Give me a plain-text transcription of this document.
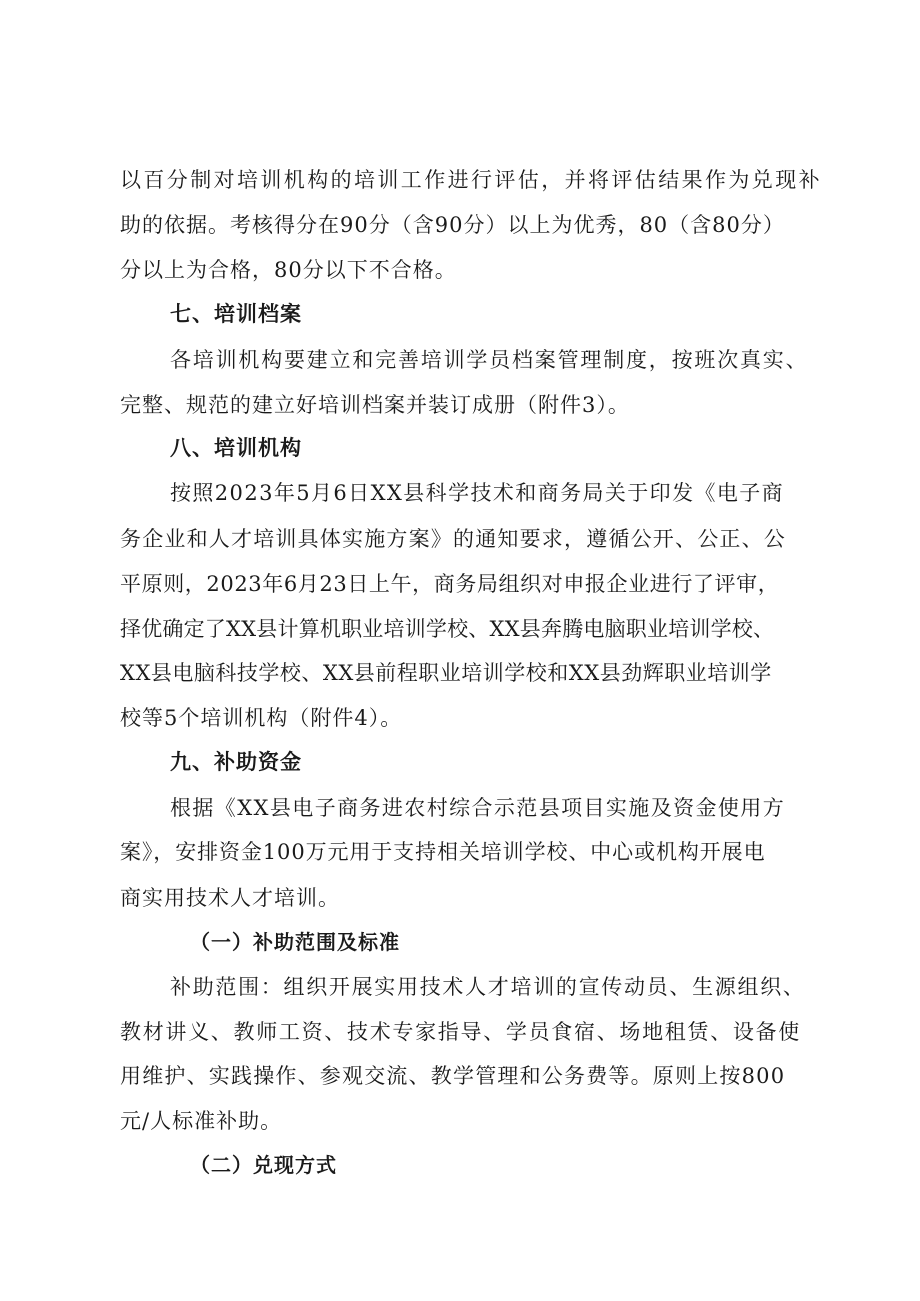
以百分制对培训机构的培训工作进行评估，并将评估结果作为兑现补
助的依据。考核得分在90分（含90分）以上为优秀，80（含80分）
分以上为合格，80分以下不合格。
七、培训档案
各培训机构要建立和完善培训学员档案管理制度，按班次真实、
完整、规范的建立好培训档案并装订成册（附件3）。
八、培训机构
按照2023年5月6日XX县科学技术和商务局关于印发《电子商
务企业和人才培训具体实施方案》的通知要求，遵循公开、公正、公
平原则，2023年6月23日上午，商务局组织对申报企业进行了评审，
择优确定了XX县计算机职业培训学校、XX县奔腾电脑职业培训学校、
XX县电脑科技学校、XX县前程职业培训学校和XX县劲辉职业培训学
校等5个培训机构（附件4）。
九、补助资金
根据《XX县电子商务进农村综合示范县项目实施及资金使用方
案》，安排资金100万元用于支持相关培训学校、中心或机构开展电
商实用技术人才培训。
（一）补助范围及标准
补助范围：组织开展实用技术人才培训的宣传动员、生源组织、
教材讲义、教师工资、技术专家指导、学员食宿、场地租赁、设备使
用维护、实践操作、参观交流、教学管理和公务费等。原则上按800
元/人标准补助。
（二）兑现方式
